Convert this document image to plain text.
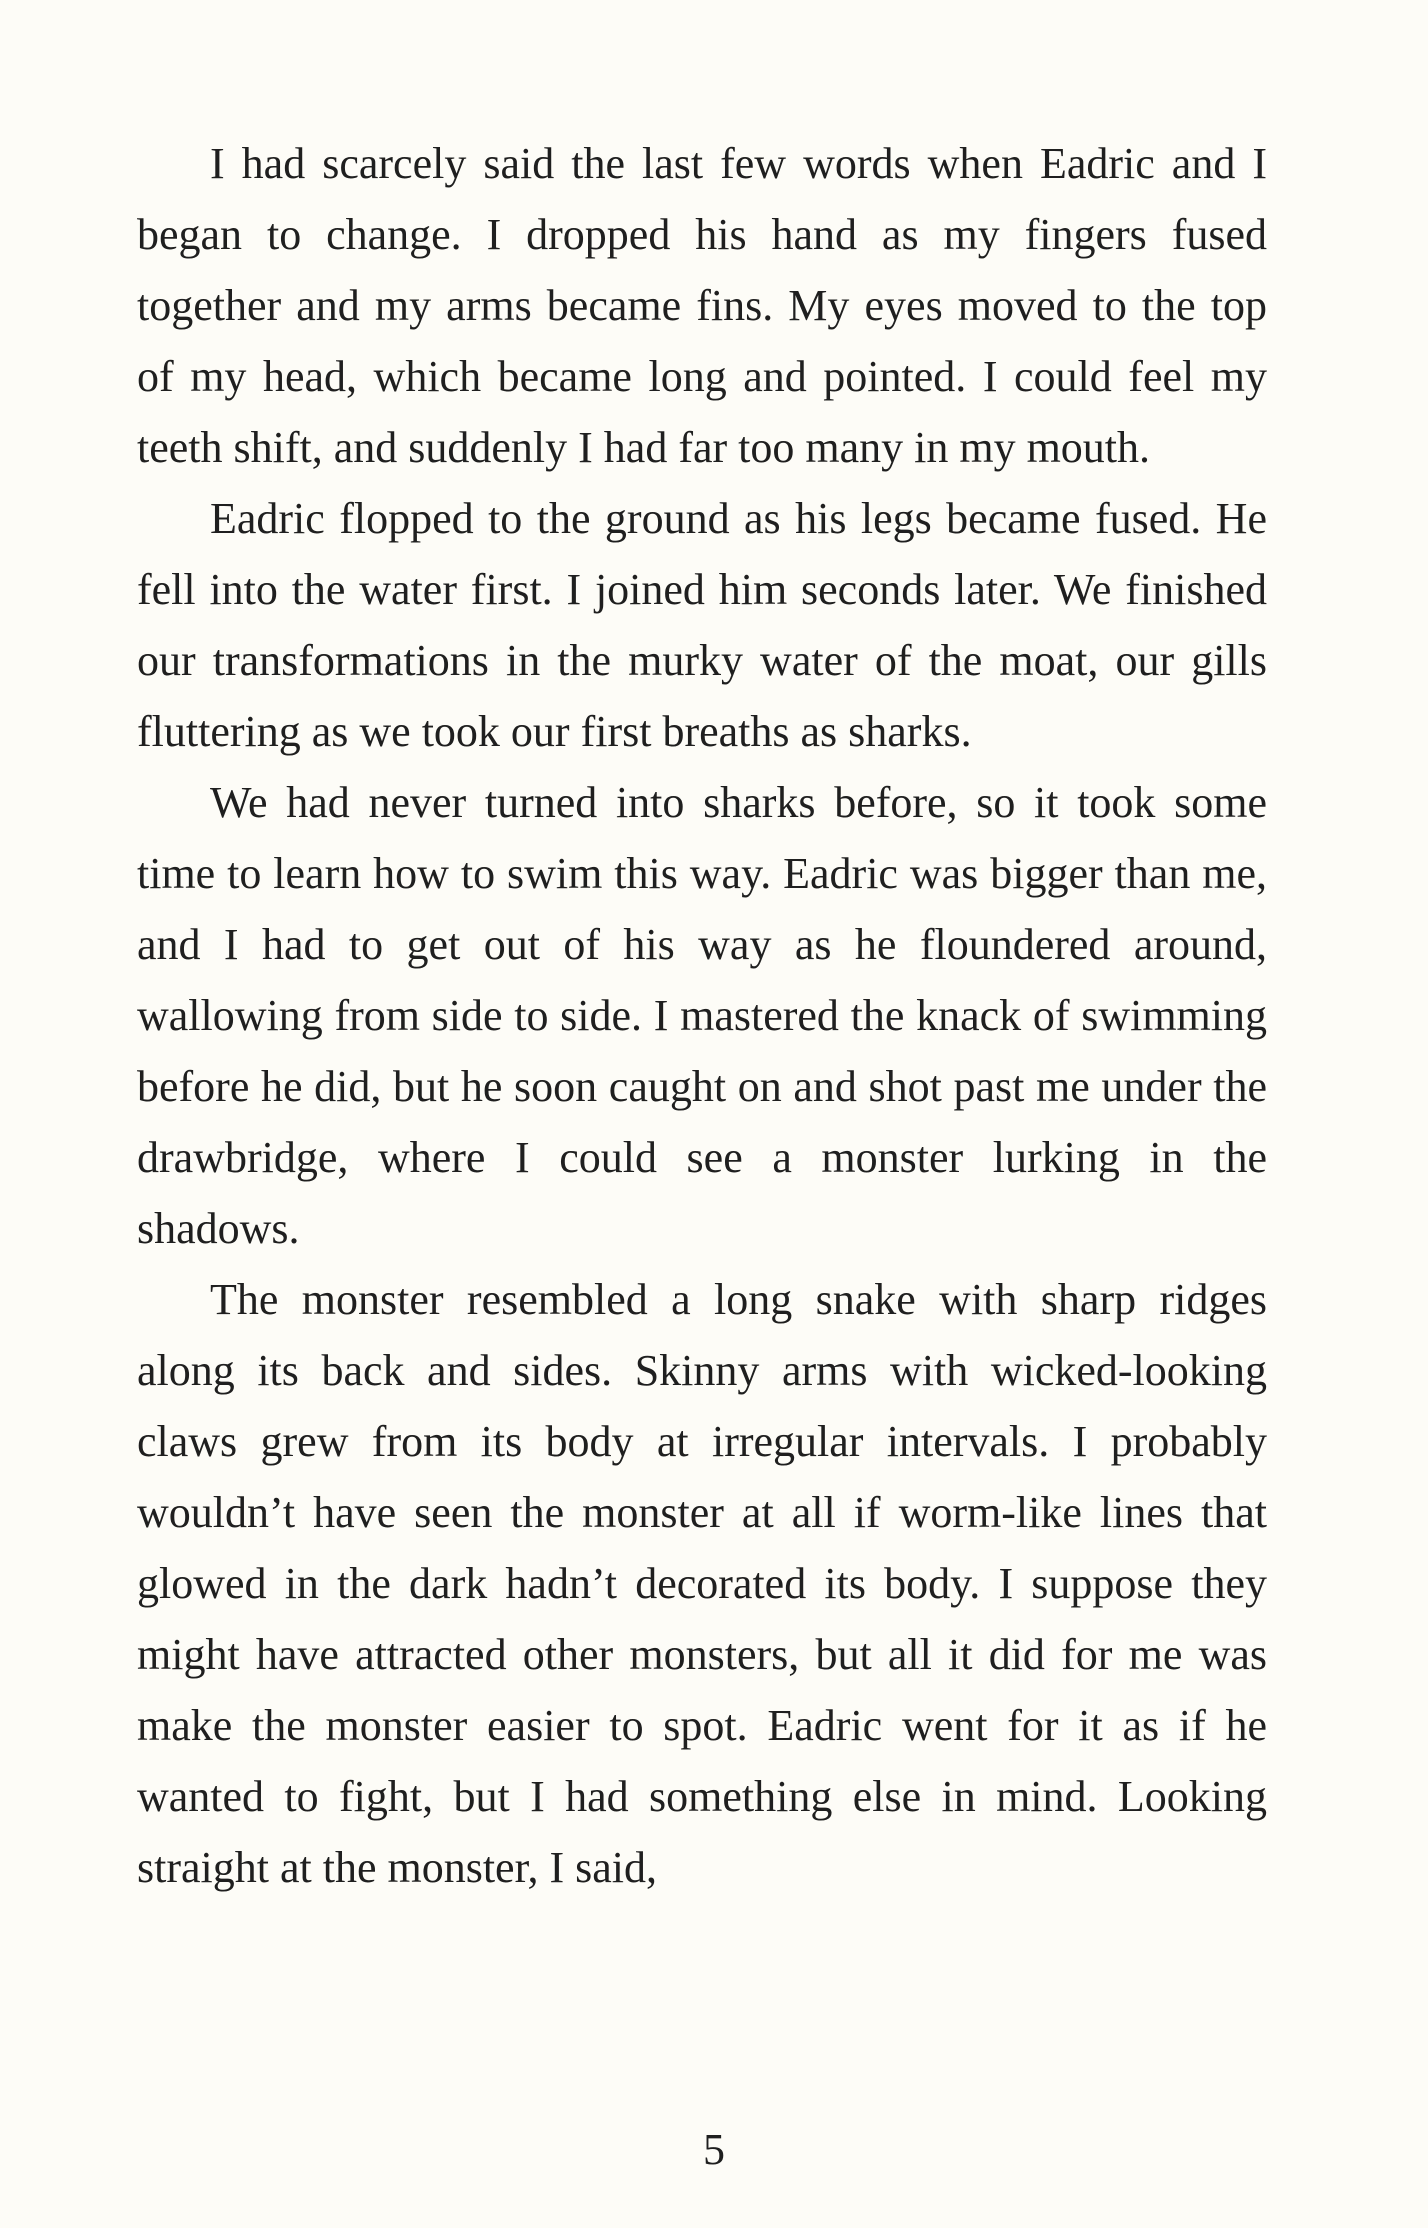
I had scarcely said the last few words when Eadric and I began to change. I dropped his hand as my fingers fused together and my arms became fins. My eyes moved to the top of my head, which became long and pointed. I could feel my teeth shift, and suddenly I had far too many in my mouth.

Eadric flopped to the ground as his legs became fused. He fell into the water first. I joined him seconds later. We finished our transformations in the murky water of the moat, our gills fluttering as we took our first breaths as sharks.

We had never turned into sharks before, so it took some time to learn how to swim this way. Eadric was bigger than me, and I had to get out of his way as he floundered around, wallowing from side to side. I mastered the knack of swimming before he did, but he soon caught on and shot past me under the drawbridge, where I could see a monster lurking in the shadows.

The monster resembled a long snake with sharp ridges along its back and sides. Skinny arms with wicked-looking claws grew from its body at irregular intervals. I probably wouldn’t have seen the monster at all if worm-like lines that glowed in the dark hadn’t decorated its body. I suppose they might have attracted other monsters, but all it did for me was make the monster easier to spot. Eadric went for it as if he wanted to fight, but I had something else in mind. Looking straight at the monster, I said,

5
